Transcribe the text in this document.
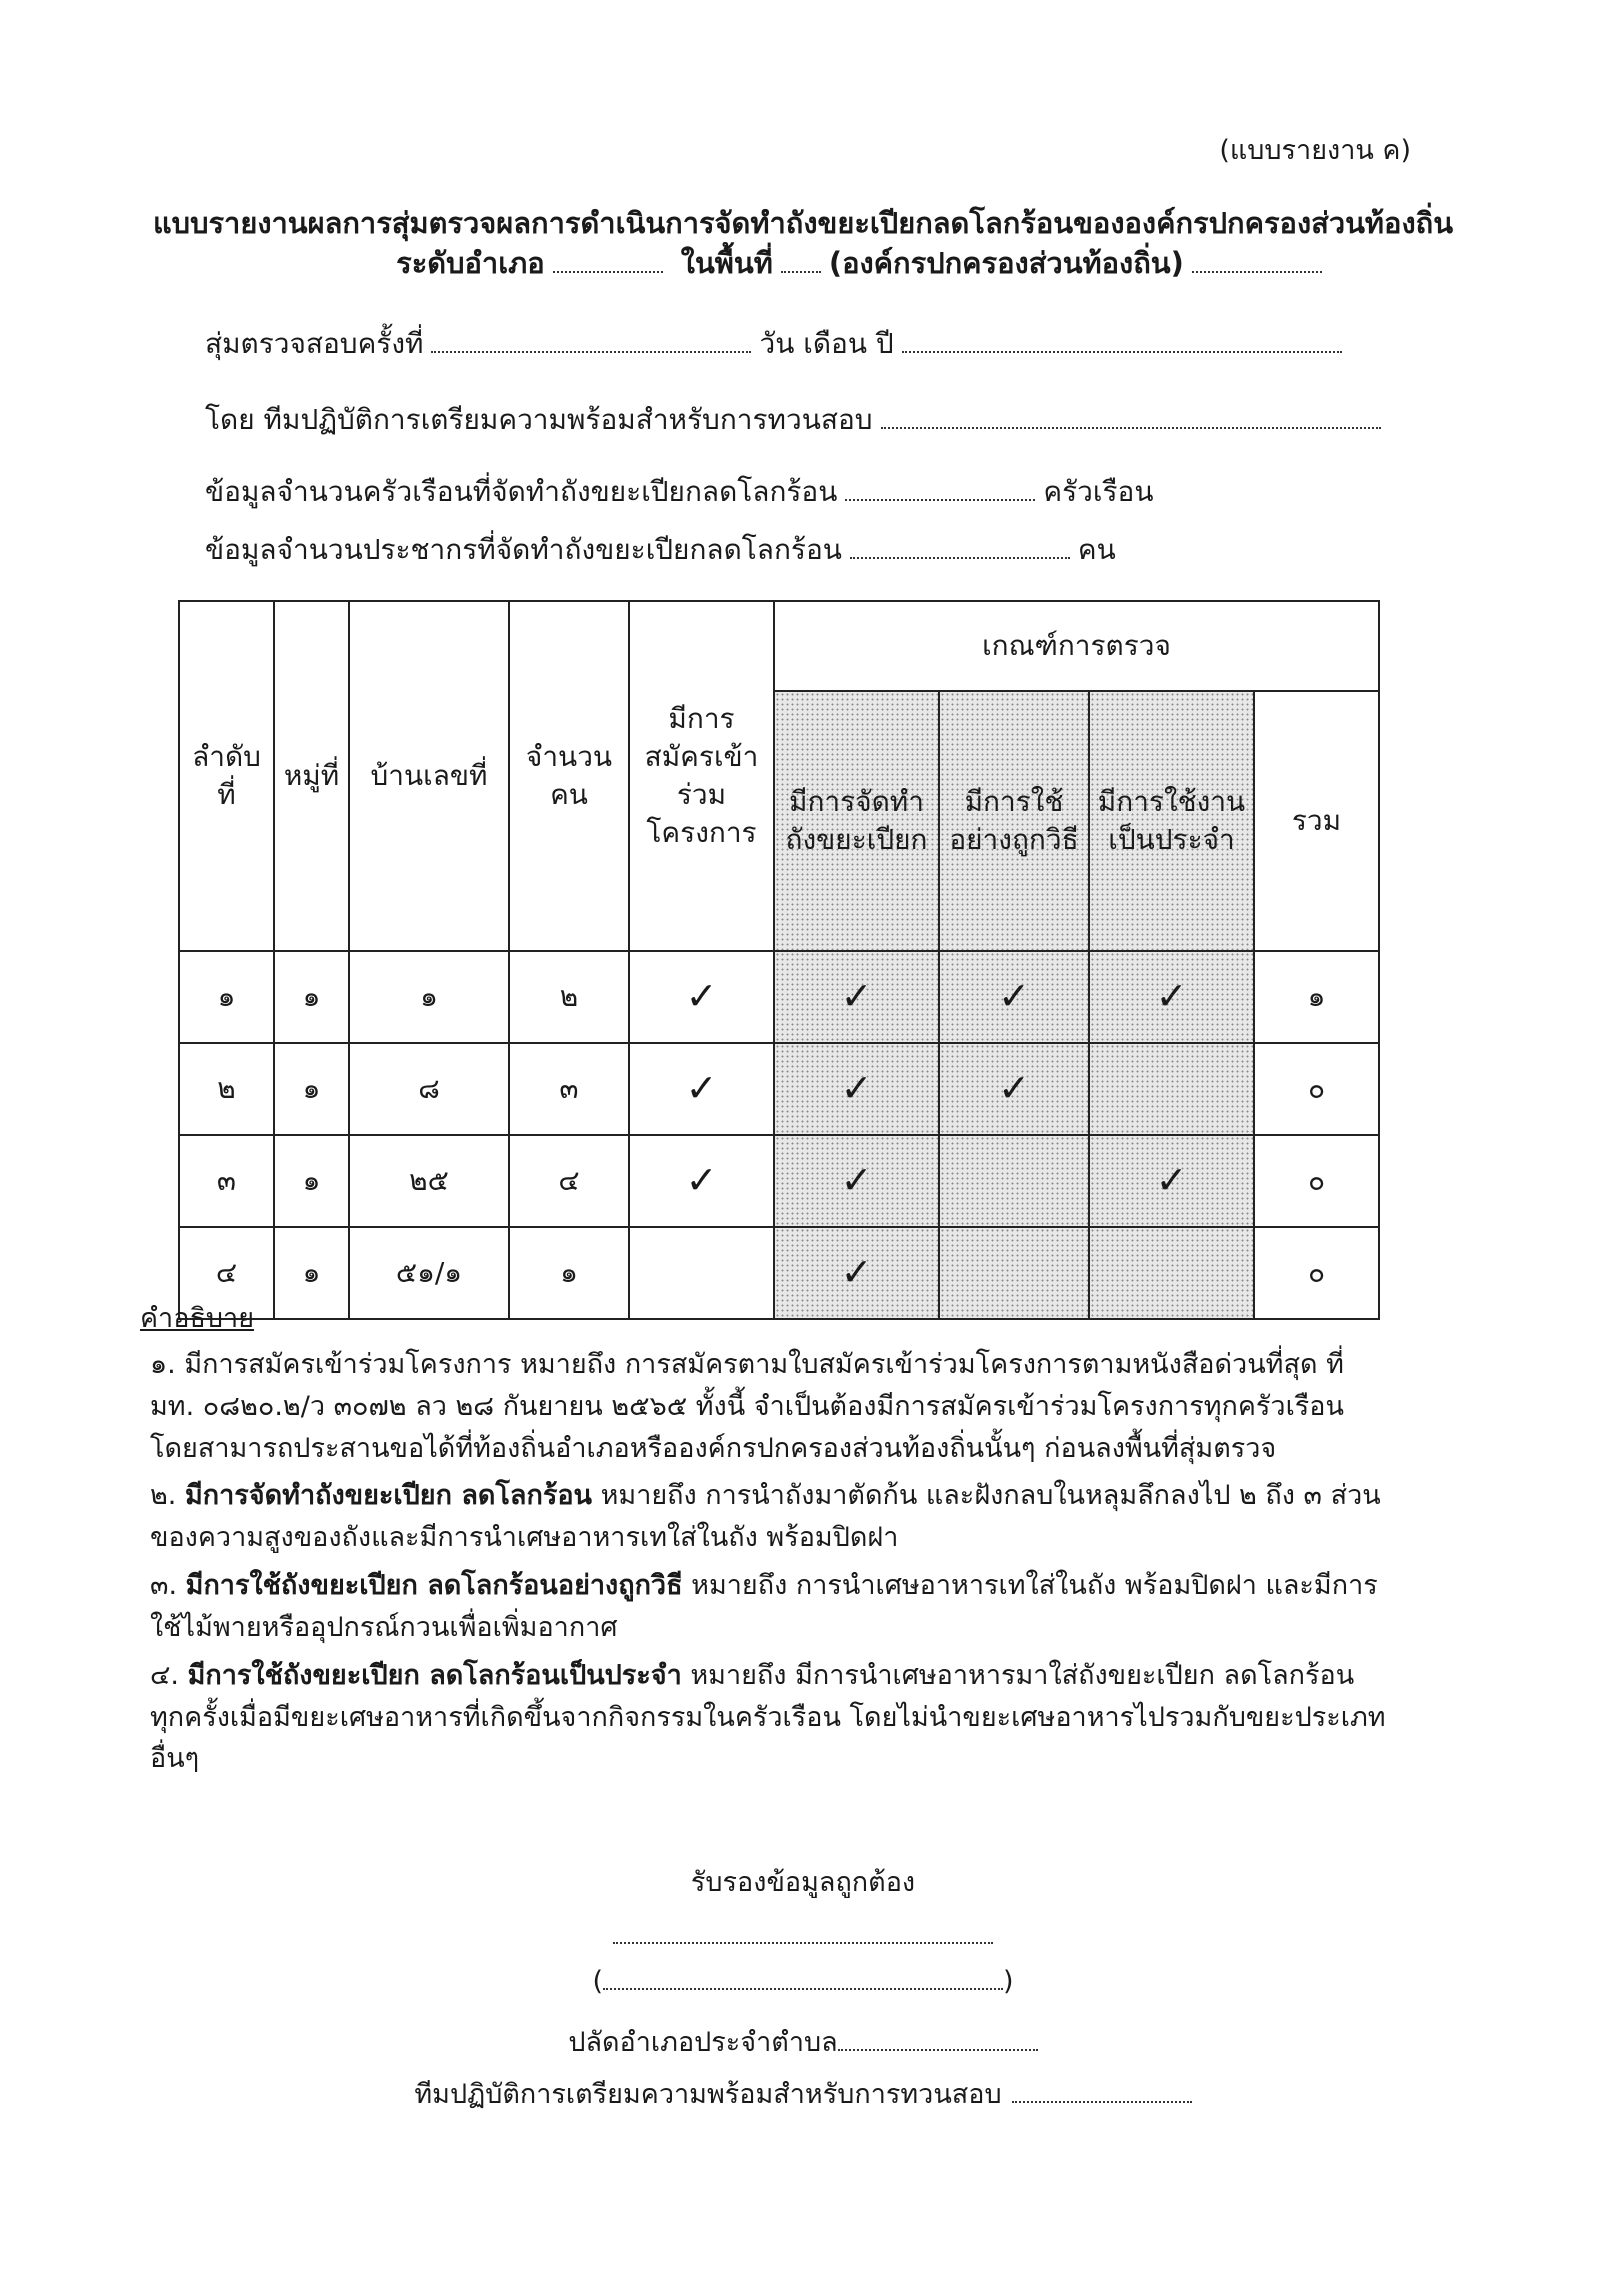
(แบบรายงาน ค)
แบบรายงานผลการสุ่มตรวจผลการดำเนินการจัดทำถังขยะเปียกลดโลกร้อนขององค์กรปกครองส่วนท้องถิ่น
ระดับอำเภอ	ในพื้นที่ (องค์กรปกครองส่วนท้องถิ่น)
สุ่มตรวจสอบครั้งที่	วัน เดือน ปี
โดย ทีมปฏิบัติการเตรียมความพร้อมสำหรับการทวนสอบ
ข้อมูลจำนวนครัวเรือนที่จัดทำถังขยะเปียกลดโลกร้อน	ครัวเรือน
ข้อมูลจำนวนประชากรที่จัดทำถังขยะเปียกลดโลกร้อน	คน
ลำดับที่	หมู่ที่	บ้านเลขที่	จำนวนคน	มีการสมัครเข้าร่วมโครงการ	เกณฑ์การตรวจ			
					มีการจัดทำถังขยะเปียก	มีการใช้อย่างถูกวิธี	มีการใช้งานเป็นประจำ	รวม
๑	๑	๑	๒	✓	✓	✓	✓	๑
๒	๑	๘	๓	✓	✓	✓		๐
๓	๑	๒๕	๔	✓	✓		✓	๐
๔	๑	๕๑/๑	๑		✓			๐
คำอธิบาย
๑. มีการสมัครเข้าร่วมโครงการ หมายถึง การสมัครตามใบสมัครเข้าร่วมโครงการตามหนังสือด่วนที่สุด ที่ มท. ๐๘๒๐.๒/ว ๓๐๗๒ ลว ๒๘ กันยายน ๒๕๖๕ ทั้งนี้ จำเป็นต้องมีการสมัครเข้าร่วมโครงการทุกครัวเรือน โดยสามารถประสานขอได้ที่ท้องถิ่นอำเภอหรือองค์กรปกครองส่วนท้องถิ่นนั้นๆ ก่อนลงพื้นที่สุ่มตรวจ
๒. มีการจัดทำถังขยะเปียก ลดโลกร้อน หมายถึง การนำถังมาตัดก้น และฝังกลบในหลุมลึกลงไป ๒ ถึง ๓ ส่วนของความสูงของถังและมีการนำเศษอาหารเทใส่ในถัง พร้อมปิดฝา
๓. มีการใช้ถังขยะเปียก ลดโลกร้อนอย่างถูกวิธี หมายถึง การนำเศษอาหารเทใส่ในถัง พร้อมปิดฝา และมีการใช้ไม้พายหรืออุปกรณ์กวนเพื่อเพิ่มอากาศ
๔. มีการใช้ถังขยะเปียก ลดโลกร้อนเป็นประจำ หมายถึง มีการนำเศษอาหารมาใส่ถังขยะเปียก ลดโลกร้อน ทุกครั้งเมื่อมีขยะเศษอาหารที่เกิดขึ้นจากกิจกรรมในครัวเรือน โดยไม่นำขยะเศษอาหารไปรวมกับขยะประเภทอื่นๆ
รับรองข้อมูลถูกต้อง
(	)
ปลัดอำเภอประจำตำบล
ทีมปฏิบัติการเตรียมความพร้อมสำหรับการทวนสอบ
